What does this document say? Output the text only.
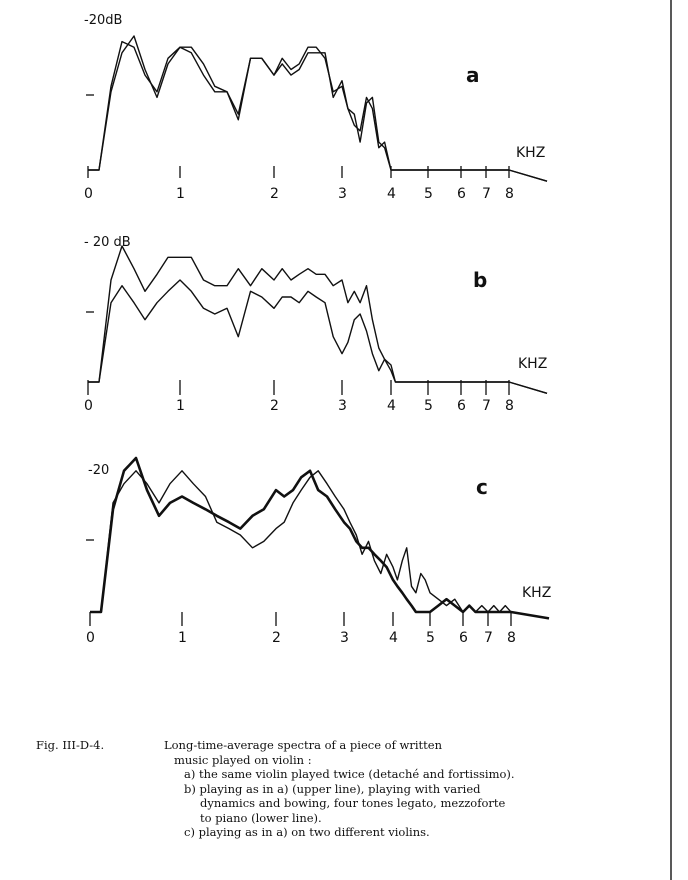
0	1	2	3	4 5 6 7 8
-20dB
a
KHZ
0	1	2	3	4 5 6 7 8
- 20 dB
b
KHZ
0	1	2	3	4 5 6 7 8
-20
c
KHZ
Fig. III-D-4.	Long-time-average spectra of a piece of written
music played on violin :
a) the same violin played twice (detaché and fortissimo).
b) playing as in a) (upper line), playing with varied
dynamics and bowing, four tones legato, mezzoforte
to piano (lower line).
c) playing as in a) on two different violins.
